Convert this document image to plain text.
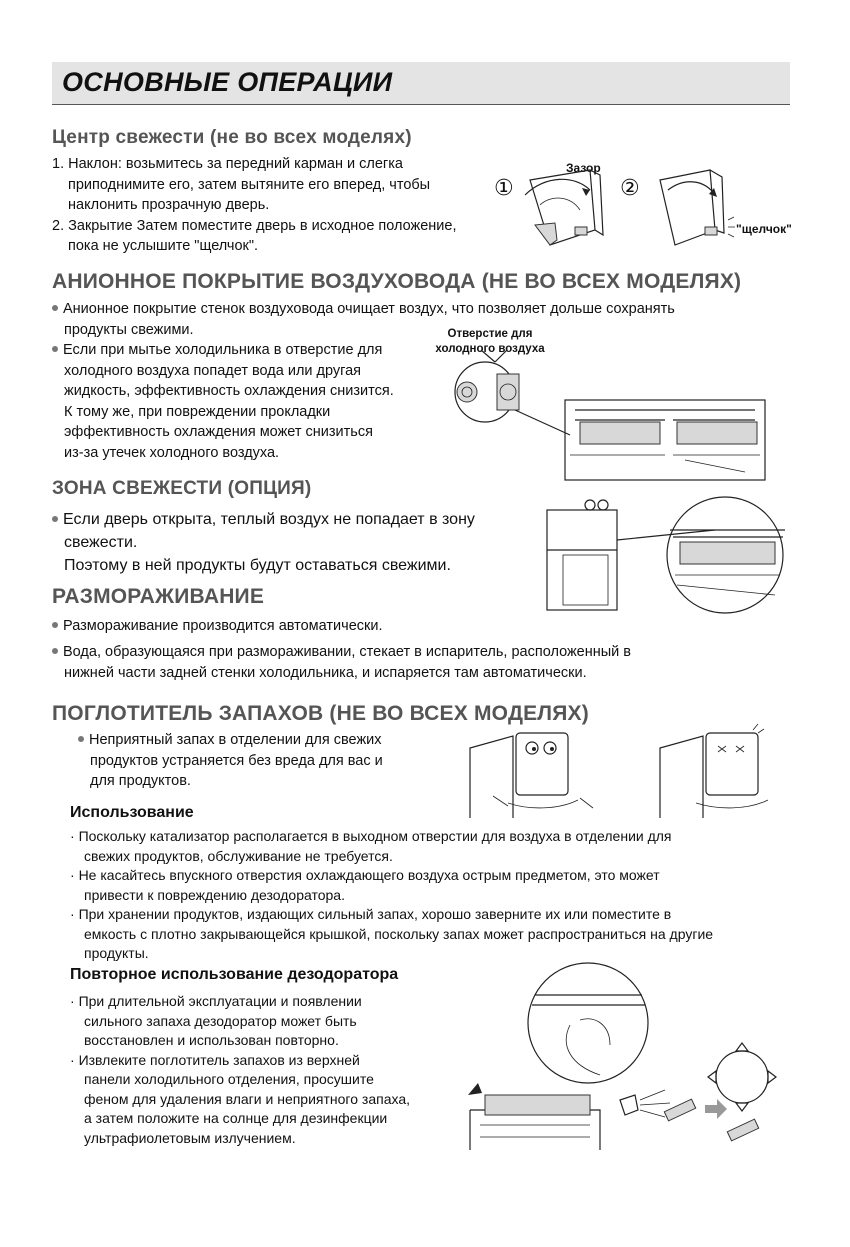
ОСНОВНЫЕ ОПЕРАЦИИ
Центр свежести (не во всех моделях)
1. Наклон: возьмитесь за передний карман и слегка
приподнимите его, затем вытяните его вперед, чтобы
наклонить прозрачную дверь.
2. Закрытие Затем поместите дверь в исходное положение,
пока не услышите "щелчок".
Зазор
①	②
"щелчок"
АНИОННОЕ ПОКРЫТИЕ ВОЗДУХОВОДА (НЕ ВО ВСЕХ МОДЕЛЯХ)
Анионное покрытие стенок воздуховода очищает воздух, что позволяет дольше сохранять
продукты свежими.
Если при мытье холодильника в отверстие для
холодного воздуха попадет вода или другая
жидкость, эффективность охлаждения снизится.
К тому же, при повреждении прокладки
эффективность охлаждения может снизиться
из-за утечек холодного воздуха.
Отверстие для
холодного воздуха
ЗОНА СВЕЖЕСТИ (ОПЦИЯ)
Если дверь открыта, теплый воздух не попадает в зону
свежести.
Поэтому в ней продукты будут оставаться свежими.
РАЗМОРАЖИВАНИЕ
Размораживание производится автоматически.
Вода, образующаяся при размораживании, стекает в испаритель, расположенный в
нижней части задней стенки холодильника, и испаряется там автоматически.
ПОГЛОТИТЕЛЬ ЗАПАХОВ (НЕ ВО ВСЕХ МОДЕЛЯХ)
Неприятный запах в отделении для свежих
продуктов устраняется без вреда для вас и
для продуктов.
Использование
· Поскольку катализатор располагается в выходном отверстии для воздуха в отделении для
свежих продуктов, обслуживание не требуется.
· Не касайтесь впускного отверстия охлаждающего воздуха острым предметом, это может
привести к повреждению дезодоратора.
· При хранении продуктов, издающих сильный запах, хорошо заверните их или поместите в
емкость с плотно закрывающейся крышкой, поскольку запах может распространиться на другие
продукты.
Повторное использование дезодоратора
· При длительной эксплуатации и появлении
сильного запаха дезодоратор может быть
восстановлен и использован повторно.
· Извлеките поглотитель запахов из верхней
панели холодильного отделения, просушите
феном для удаления влаги и неприятного запаха,
а затем положите на солнце для дезинфекции
ультрафиолетовым излучением.
